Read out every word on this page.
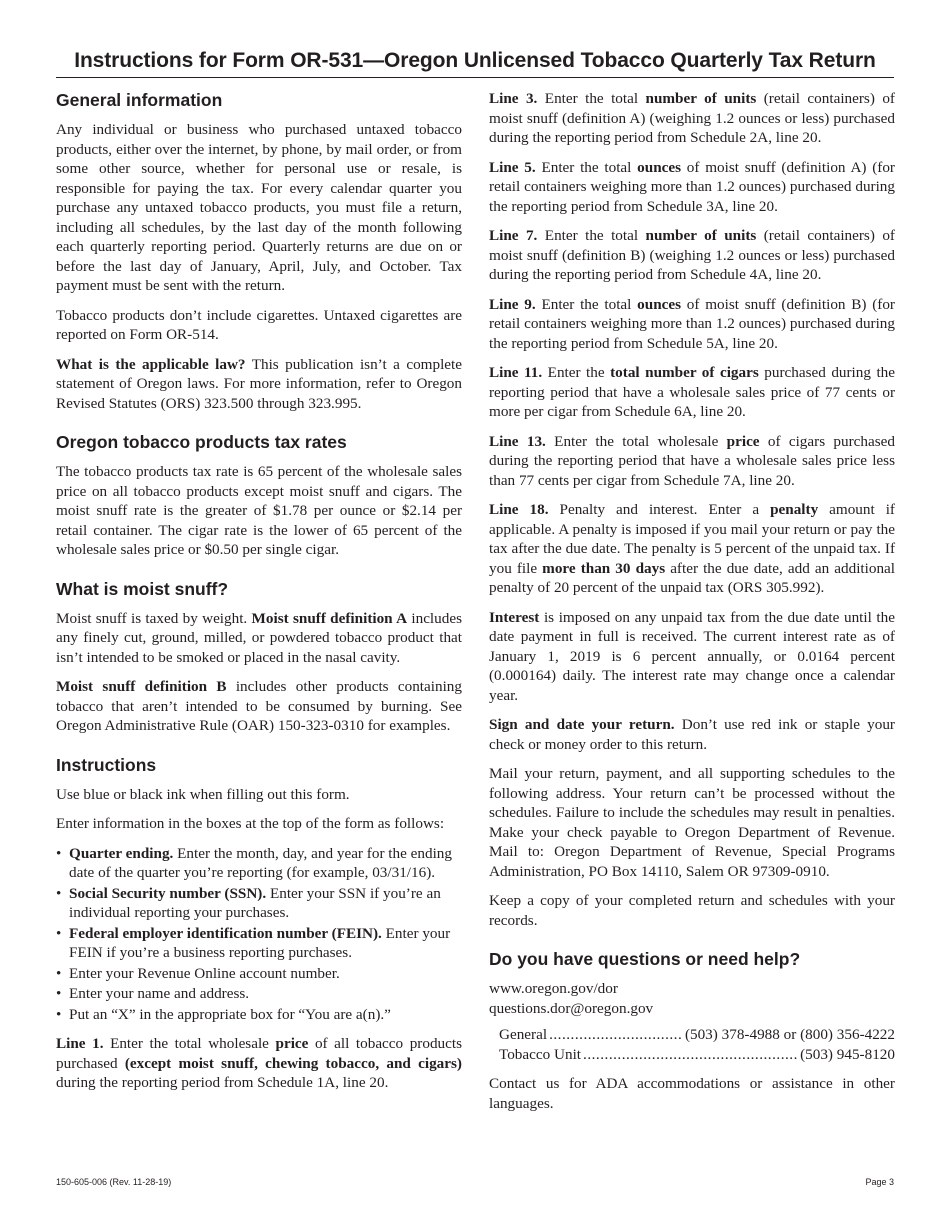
Instructions for Form OR-531—Oregon Unlicensed Tobacco Quarterly Tax Return
General information

Any individual or business who purchased untaxed tobacco products, either over the internet, by phone, by mail order, or from some other source, whether for personal use or resale, is responsible for paying the tax. For every calendar quarter you purchase any untaxed tobacco products, you must file a return, including all schedules, by the last day of the month following each quarterly reporting period. Quarterly returns are due on or before the last day of January, April, July, and October. Tax payment must be sent with the return.

Tobacco products don’t include cigarettes. Untaxed cigarettes are reported on Form OR-514.

What is the applicable law? This publication isn’t a complete statement of Oregon laws. For more information, refer to Oregon Revised Statutes (ORS) 323.500 through 323.995.

Oregon tobacco products tax rates

The tobacco products tax rate is 65 percent of the wholesale sales price on all tobacco products except moist snuff and cigars. The moist snuff rate is the greater of $1.78 per ounce or $2.14 per retail container. The cigar rate is the lower of 65 percent of the wholesale sales price or $0.50 per single cigar.

What is moist snuff?

Moist snuff is taxed by weight. Moist snuff definition A includes any finely cut, ground, milled, or powdered tobacco product that isn’t intended to be smoked or placed in the nasal cavity.

Moist snuff definition B includes other products containing tobacco that aren’t intended to be consumed by burning. See Oregon Administrative Rule (OAR) 150-323-0310 for examples.

Instructions

Use blue or black ink when filling out this form.

Enter information in the boxes at the top of the form as follows:

• Quarter ending. Enter the month, day, and year for the ending date of the quarter you’re reporting (for example, 03/31/16).
• Social Security number (SSN). Enter your SSN if you’re an individual reporting your purchases.
• Federal employer identification number (FEIN). Enter your FEIN if you’re a business reporting purchases.
• Enter your Revenue Online account number.
• Enter your name and address.
• Put an “X” in the appropriate box for “You are a(n).”

Line 1. Enter the total wholesale price of all tobacco products purchased (except moist snuff, chewing tobacco, and cigars) during the reporting period from Schedule 1A, line 20.

Line 3. Enter the total number of units (retail containers) of moist snuff (definition A) (weighing 1.2 ounces or less) purchased during the reporting period from Schedule 2A, line 20.

Line 5. Enter the total ounces of moist snuff (definition A) (for retail containers weighing more than 1.2 ounces) purchased during the reporting period from Schedule 3A, line 20.

Line 7. Enter the total number of units (retail containers) of moist snuff (definition B) (weighing 1.2 ounces or less) purchased during the reporting period from Schedule 4A, line 20.

Line 9. Enter the total ounces of moist snuff (definition B) (for retail containers weighing more than 1.2 ounces) purchased during the reporting period from Schedule 5A, line 20.

Line 11. Enter the total number of cigars purchased during the reporting period that have a wholesale sales price of 77 cents or more per cigar from Schedule 6A, line 20.

Line 13. Enter the total wholesale price of cigars purchased during the reporting period that have a wholesale sales price less than 77 cents per cigar from Schedule 7A, line 20.

Line 18. Penalty and interest. Enter a penalty amount if applicable. A penalty is imposed if you mail your return or pay the tax after the due date. The penalty is 5 percent of the unpaid tax. If you file more than 30 days after the due date, add an additional penalty of 20 percent of the unpaid tax (ORS 305.992).

Interest is imposed on any unpaid tax from the due date until the date payment in full is received. The current interest rate as of January 1, 2019 is 6 percent annually, or 0.0164 percent (0.000164) daily. The interest rate may change once a calendar year.

Sign and date your return. Don’t use red ink or staple your check or money order to this return.

Mail your return, payment, and all supporting schedules to the following address. Your return can’t be processed without the schedules. Failure to include the schedules may result in penalties. Make your check payable to Oregon Department of Revenue. Mail to: Oregon Department of Revenue, Special Programs Administration, PO Box 14110, Salem OR 97309-0910.

Keep a copy of your completed return and schedules with your records.

Do you have questions or need help?

www.oregon.gov/dor

questions.dor@oregon.gov

General .....	(503) 378-4988 or (800) 356-4222
Tobacco Unit .....	(503) 945-8120

Contact us for ADA accommodations or assistance in other languages.

150-605-006 (Rev. 11-28-19)	Page 3
